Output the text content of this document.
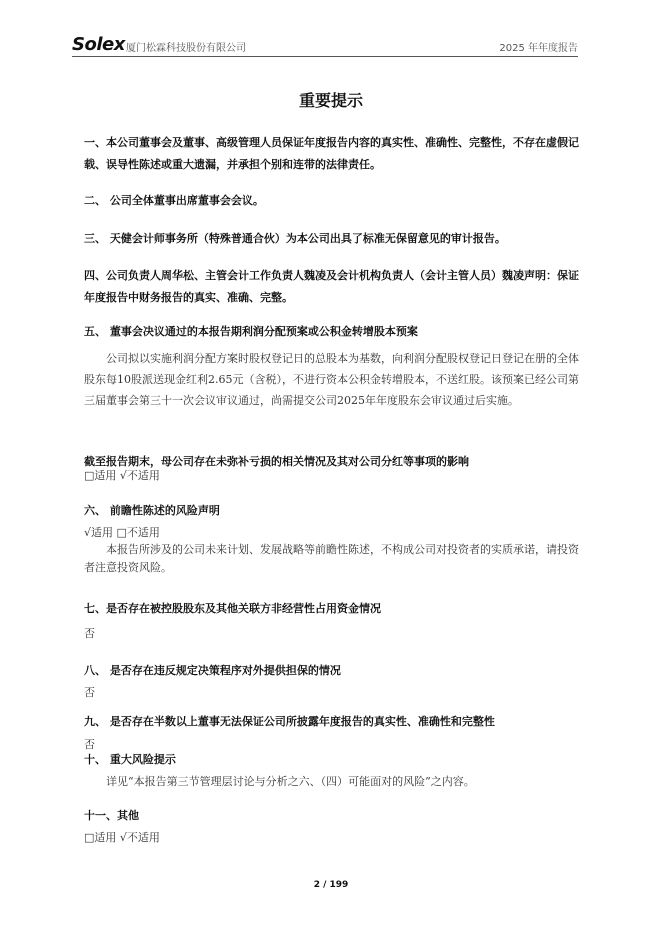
Solex 厦门松霖科技股份有限公司	2025 年年度报告
重要提示
一、本公司董事会及董事、高级管理人员保证年度报告内容的真实性、准确性、完整性，不存在虚假记载、误导性陈述或重大遗漏，并承担个别和连带的法律责任。
二、 公司全体董事出席董事会会议。
三、 天健会计师事务所（特殊普通合伙）为本公司出具了标准无保留意见的审计报告。
四、公司负责人周华松、主管会计工作负责人魏凌及会计机构负责人（会计主管人员）魏凌声明：保证年度报告中财务报告的真实、准确、完整。
五、 董事会决议通过的本报告期利润分配预案或公积金转增股本预案
公司拟以实施利润分配方案时股权登记日的总股本为基数，向利润分配股权登记日登记在册的全体股东每10股派送现金红利2.65元（含税），不进行资本公积金转增股本，不送红股。该预案已经公司第三届董事会第三十一次会议审议通过，尚需提交公司2025年年度股东会审议通过后实施。
截至报告期末，母公司存在未弥补亏损的相关情况及其对公司分红等事项的影响
□适用 √不适用
六、 前瞻性陈述的风险声明
√适用 □不适用
本报告所涉及的公司未来计划、发展战略等前瞻性陈述，不构成公司对投资者的实质承诺，请投资者注意投资风险。
七、是否存在被控股股东及其他关联方非经营性占用资金情况
否
八、 是否存在违反规定决策程序对外提供担保的情况
否
九、 是否存在半数以上董事无法保证公司所披露年度报告的真实性、准确性和完整性
否
十、 重大风险提示
详见“本报告第三节管理层讨论与分析之六、（四）可能面对的风险”之内容。
十一、其他
□适用 √不适用
2 / 199
